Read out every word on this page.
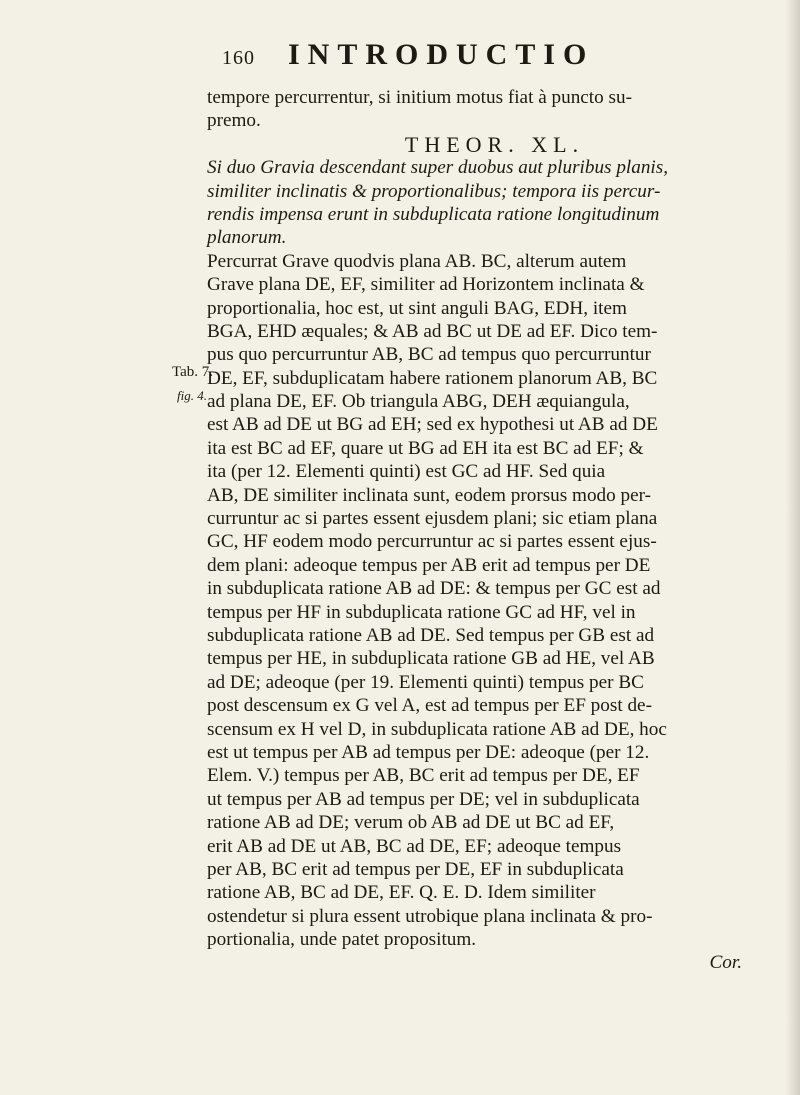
160 INTRODUCTIO
Tab. 7.
fig. 4.
tempore percurrentur, si initium motus fiat à puncto su-
premo.
THEOR. XL.
Si duo Gravia descendant super duobus aut pluribus planis,
similiter inclinatis & proportionalibus; tempora iis percur-
rendis impensa erunt in subduplicata ratione longitudinum
planorum.
Percurrat Grave quodvis plana AB. BC, alterum autem
Grave plana DE, EF, similiter ad Horizontem inclinata &
proportionalia, hoc est, ut sint anguli BAG, EDH, item
BGA, EHD æquales; & AB ad BC ut DE ad EF. Dico tem-
pus quo percurruntur AB, BC ad tempus quo percurruntur
DE, EF, subduplicatam habere rationem planorum AB, BC
ad plana DE, EF. Ob triangula ABG, DEH æquiangula,
est AB ad DE ut BG ad EH; sed ex hypothesi ut AB ad DE
ita est BC ad EF, quare ut BG ad EH ita est BC ad EF; &
ita (per 12. Elementi quinti) est GC ad HF. Sed quia
AB, DE similiter inclinata sunt, eodem prorsus modo per-
curruntur ac si partes essent ejusdem plani; sic etiam plana
GC, HF eodem modo percurruntur ac si partes essent ejus-
dem plani: adeoque tempus per AB erit ad tempus per DE
in subduplicata ratione AB ad DE: & tempus per GC est ad
tempus per HF in subduplicata ratione GC ad HF, vel in
subduplicata ratione AB ad DE. Sed tempus per GB est ad
tempus per HE, in subduplicata ratione GB ad HE, vel AB
ad DE; adeoque (per 19. Elementi quinti) tempus per BC
post descensum ex G vel A, est ad tempus per EF post de-
scensum ex H vel D, in subduplicata ratione AB ad DE, hoc
est ut tempus per AB ad tempus per DE: adeoque (per 12.
Elem. V.) tempus per AB, BC erit ad tempus per DE, EF
ut tempus per AB ad tempus per DE; vel in subduplicata
ratione AB ad DE; verum ob AB ad DE ut BC ad EF,
erit AB ad DE ut AB, BC ad DE, EF; adeoque tempus
per AB, BC erit ad tempus per DE, EF in subduplicata
ratione AB, BC ad DE, EF. Q. E. D. Idem similiter
ostendetur si plura essent utrobique plana inclinata & pro-
portionalia, unde patet propositum.
Cor.
